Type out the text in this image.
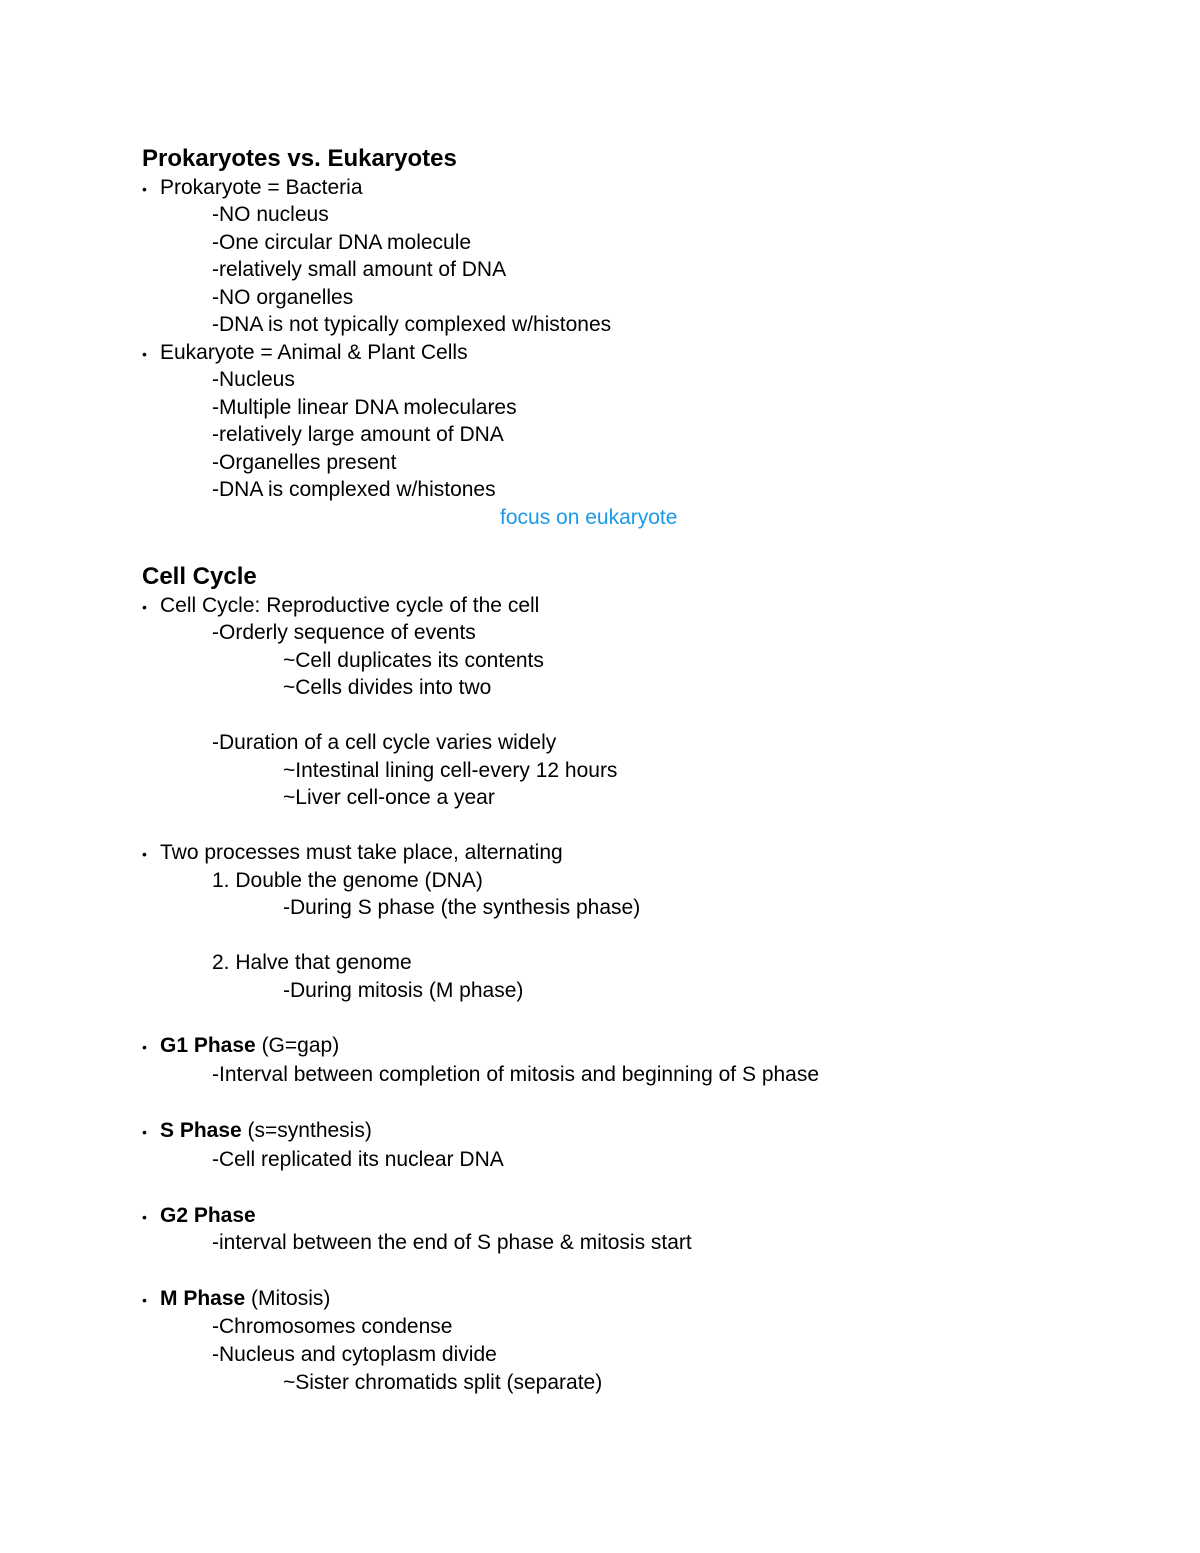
Prokaryotes vs. Eukaryotes
• Prokaryote = Bacteria
-NO nucleus
-One circular DNA molecule
-relatively small amount of DNA
-NO organelles
-DNA is not typically complexed w/histones
• Eukaryote = Animal & Plant Cells
-Nucleus
-Multiple linear DNA moleculares
-relatively large amount of DNA
-Organelles present
-DNA is complexed w/histones
focus on eukaryote
Cell Cycle
• Cell Cycle: Reproductive cycle of the cell
-Orderly sequence of events
~Cell duplicates its contents
~Cells divides into two
-Duration of a cell cycle varies widely
~Intestinal lining cell-every 12 hours
~Liver cell-once a year
• Two processes must take place, alternating
1. Double the genome (DNA)
-During S phase (the synthesis phase)
2. Halve that genome
-During mitosis (M phase)
• G1 Phase (G=gap)
-Interval between completion of mitosis and beginning of S phase
• S Phase (s=synthesis)
-Cell replicated its nuclear DNA
• G2 Phase
-interval between the end of S phase & mitosis start
• M Phase (Mitosis)
-Chromosomes condense
-Nucleus and cytoplasm divide
~Sister chromatids split (separate)
